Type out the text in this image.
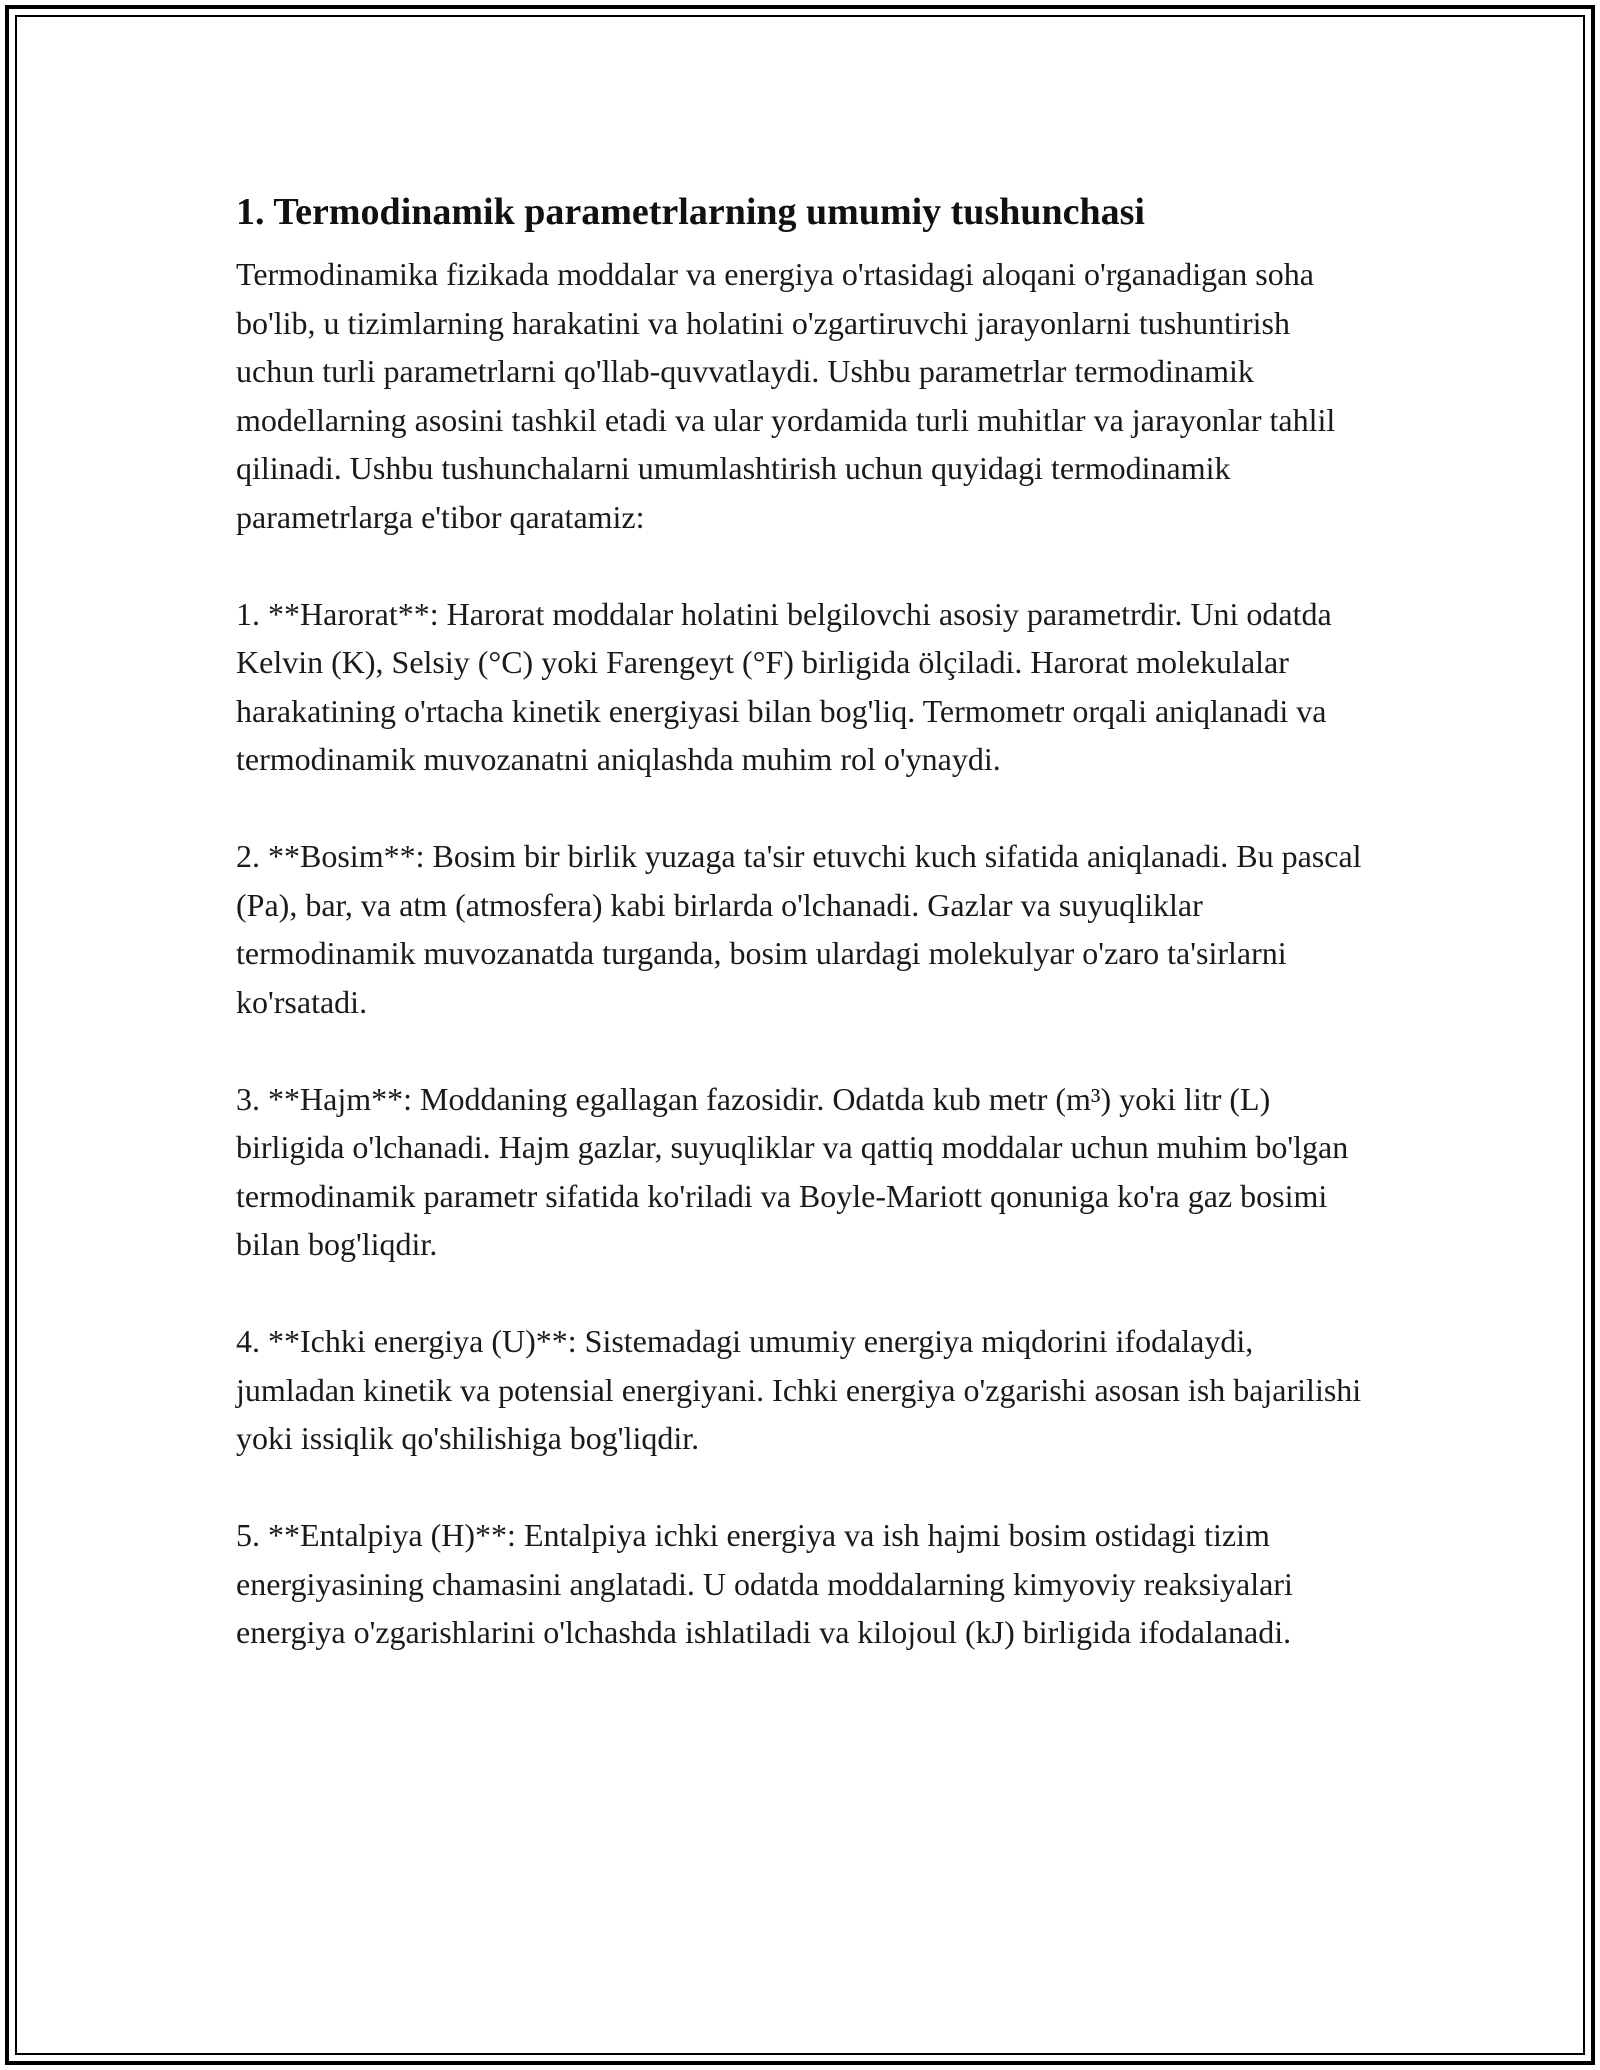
1. Termodinamik parametrlarning umumiy tushunchasi

Termodinamika fizikada moddalar va energiya o'rtasidagi aloqani o'rganadigan soha bo'lib, u tizimlarning harakatini va holatini o'zgartiruvchi jarayonlarni tushuntirish uchun turli parametrlarni qo'llab-quvvatlaydi. Ushbu parametrlar termodinamik modellarning asosini tashkil etadi va ular yordamida turli muhitlar va jarayonlar tahlil qilinadi. Ushbu tushunchalarni umumlashtirish uchun quyidagi termodinamik parametrlarga e'tibor qaratamiz:

1. **Harorat**: Harorat moddalar holatini belgilovchi asosiy parametrdir. Uni odatda Kelvin (K), Selsiy (°C) yoki Farengeyt (°F) birligida ölçiladi. Harorat molekulalar harakatining o'rtacha kinetik energiyasi bilan bog'liq. Termometr orqali aniqlanadi va termodinamik muvozanatni aniqlashda muhim rol o'ynaydi.

2. **Bosim**: Bosim bir birlik yuzaga ta'sir etuvchi kuch sifatida aniqlanadi. Bu pascal (Pa), bar, va atm (atmosfera) kabi birlarda o'lchanadi. Gazlar va suyuqliklar termodinamik muvozanatda turganda, bosim ulardagi molekulyar o'zaro ta'sirlarni ko'rsatadi.

3. **Hajm**: Moddaning egallagan fazosidir. Odatda kub metr (m³) yoki litr (L) birligida o'lchanadi. Hajm gazlar, suyuqliklar va qattiq moddalar uchun muhim bo'lgan termodinamik parametr sifatida ko'riladi va Boyle-Mariott qonuniga ko'ra gaz bosimi bilan bog'liqdir.

4. **Ichki energiya (U)**: Sistemadagi umumiy energiya miqdorini ifodalaydi, jumladan kinetik va potensial energiyani. Ichki energiya o'zgarishi asosan ish bajarilishi yoki issiqlik qo'shilishiga bog'liqdir.

5. **Entalpiya (H)**: Entalpiya ichki energiya va ish hajmi bosim ostidagi tizim energiyasining chamasini anglatadi. U odatda moddalarning kimyoviy reaksiyalari energiya o'zgarishlarini o'lchashda ishlatiladi va kilojoul (kJ) birligida ifodalanadi.
